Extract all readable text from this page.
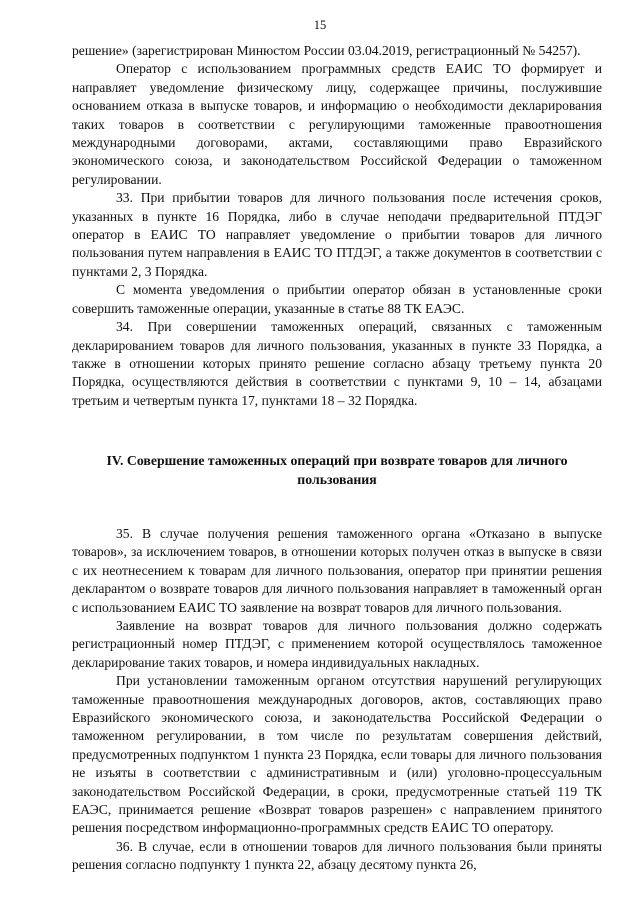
15

решение» (зарегистрирован Минюстом России 03.04.2019, регистрационный № 54257).

Оператор с использованием программных средств ЕАИС ТО формирует и направляет уведомление физическому лицу, содержащее причины, послужившие основанием отказа в выпуске товаров, и информацию о необходимости декларирования таких товаров в соответствии с регулирующими таможенные правоотношения международными договорами, актами, составляющими право Евразийского экономического союза, и законодательством Российской Федерации о таможенном регулировании.

33. При прибытии товаров для личного пользования после истечения сроков, указанных в пункте 16 Порядка, либо в случае неподачи предварительной ПТДЭГ оператор в ЕАИС ТО направляет уведомление о прибытии товаров для личного пользования путем направления в ЕАИС ТО ПТДЭГ, а также документов в соответствии с пунктами 2, 3 Порядка.

С момента уведомления о прибытии оператор обязан в установленные сроки совершить таможенные операции, указанные в статье 88 ТК ЕАЭС.

34. При совершении таможенных операций, связанных с таможенным декларированием товаров для личного пользования, указанных в пункте 33 Порядка, а также в отношении которых принято решение согласно абзацу третьему пункта 20 Порядка, осуществляются действия в соответствии с пунктами 9, 10 – 14, абзацами третьим и четвертым пункта 17, пунктами 18 – 32 Порядка.

IV. Совершение таможенных операций при возврате товаров для личного пользования

35. В случае получения решения таможенного органа «Отказано в выпуске товаров», за исключением товаров, в отношении которых получен отказ в выпуске в связи с их неотнесением к товарам для личного пользования, оператор при принятии решения декларантом о возврате товаров для личного пользования направляет в таможенный орган с использованием ЕАИС ТО заявление на возврат товаров для личного пользования.

Заявление на возврат товаров для личного пользования должно содержать регистрационный номер ПТДЭГ, с применением которой осуществлялось таможенное декларирование таких товаров, и номера индивидуальных накладных.

При установлении таможенным органом отсутствия нарушений регулирующих таможенные правоотношения международных договоров, актов, составляющих право Евразийского экономического союза, и законодательства Российской Федерации о таможенном регулировании, в том числе по результатам совершения действий, предусмотренных подпунктом 1 пункта 23 Порядка, если товары для личного пользования не изъяты в соответствии с административным и (или) уголовно-процессуальным законодательством Российской Федерации, в сроки, предусмотренные статьей 119 ТК ЕАЭС, принимается решение «Возврат товаров разрешен» с направлением принятого решения посредством информационно-программных средств ЕАИС ТО оператору.

36. В случае, если в отношении товаров для личного пользования были приняты решения согласно подпункту 1 пункта 22, абзацу десятому пункта 26,
